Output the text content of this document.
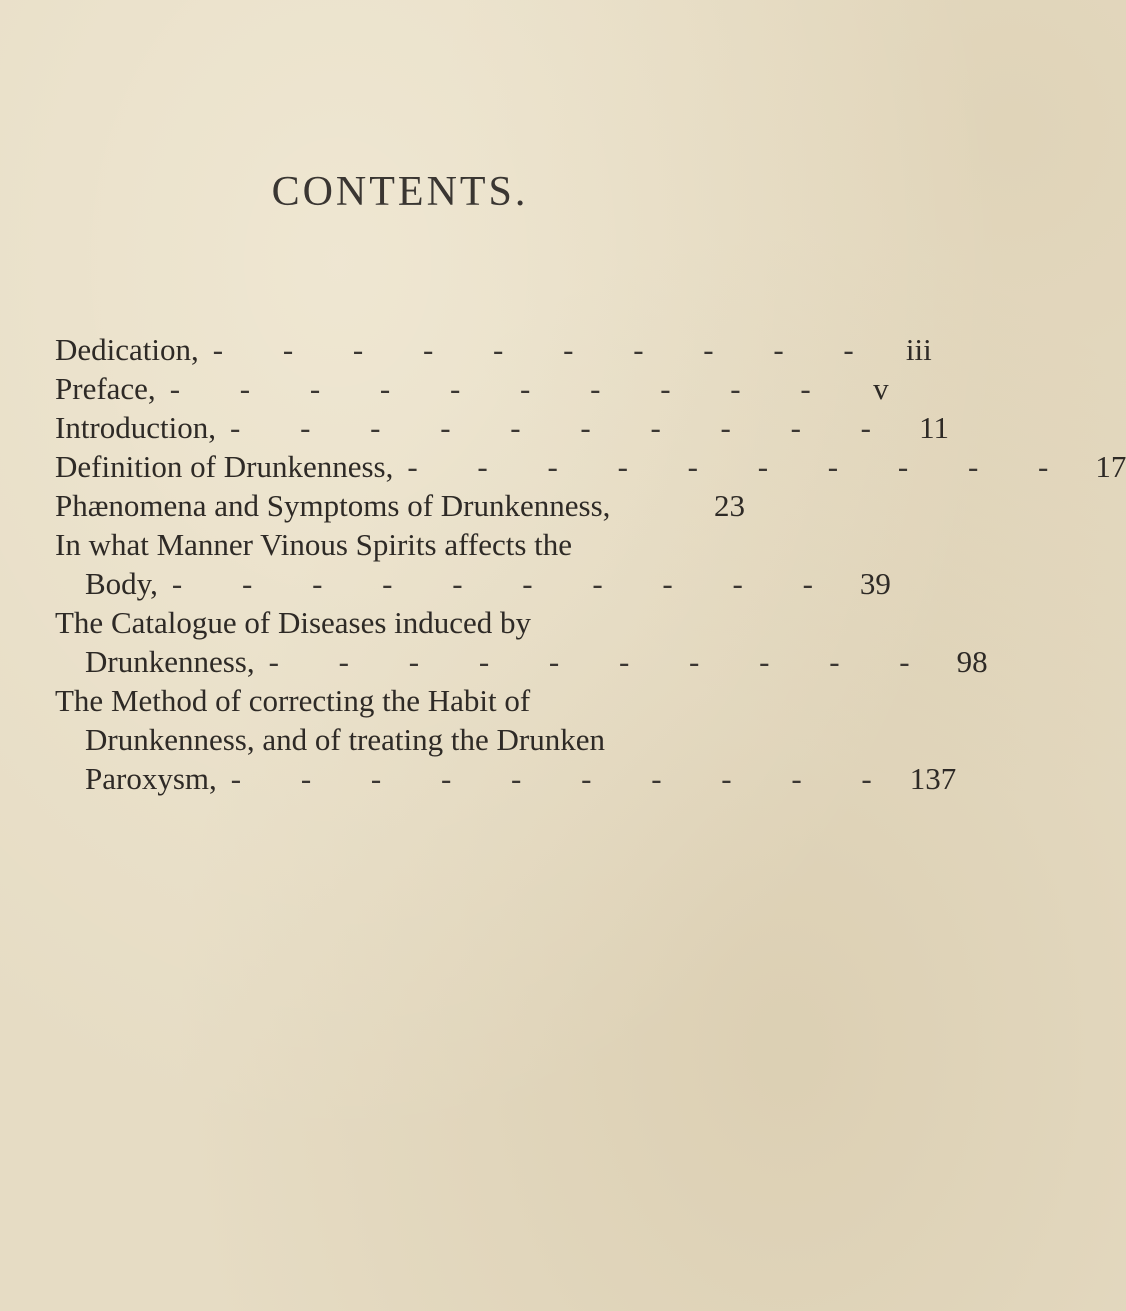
CONTENTS.
Dedication, - - - - - - - - - - iii
Preface, - - - - - - - - - -	v
Introduction, - - - - - - - - - - 11
Definition of Drunkenness, - - - - - - - - - - 17
Phænomena and Symptoms of Drunkenness,	23
In what Manner Vinous Spirits affects the
Body, - - - - - - - - - - 39
The Catalogue of Diseases induced by
Drunkenness, - - - - - - - - - - 98
The Method of correcting the Habit of
Drunkenness, and of treating the Drunken
Paroxysm, - - - - - - - - - - 137
